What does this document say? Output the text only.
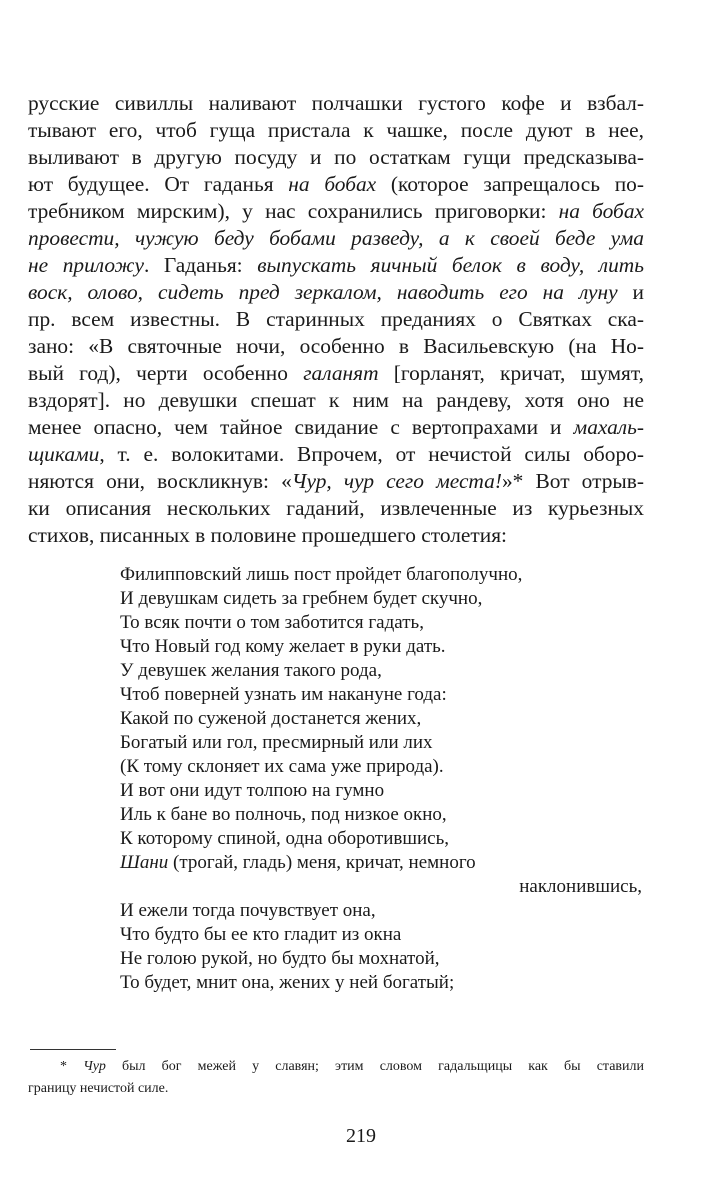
русские сивиллы наливают полчашки густого кофе и взбал-
тывают его, чтоб гуща пристала к чашке, после дуют в нее,
выливают в другую посуду и по остаткам гущи предсказыва-
ют будущее. От гаданья на бобах (которое запрещалось по-
требником мирским), у нас сохранились приговорки: на бобах
провести, чужую беду бобами разведу, а к своей беде ума
не приложу. Гаданья: выпускать яичный белок в воду, лить
воск, олово, сидеть пред зеркалом, наводить его на луну и
пр. всем известны. В старинных преданиях о Святках ска-
зано: «В святочные ночи, особенно в Васильевскую (на Но-
вый год), черти особенно галанят [горланят, кричат, шумят,
вздорят]. но девушки спешат к ним на рандеву, хотя оно не
менее опасно, чем тайное свидание с вертопрахами и махаль-
щиками, т. е. волокитами. Впрочем, от нечистой силы оборо-
няются они, воскликнув: «Чур, чур сего места!»* Вот отрыв-
ки описания нескольких гаданий, извлеченные из курьезных
стихов, писанных в половине прошедшего столетия:
Филипповский лишь пост пройдет благополучно,
И девушкам сидеть за гребнем будет скучно,
То всяк почти о том заботится гадать,
Что Новый год кому желает в руки дать.
У девушек желания такого рода,
Чтоб поверней узнать им накануне года:
Какой по суженой достанется жених,
Богатый или гол, пресмирный или лих
(К тому склоняет их сама уже природа).
И вот они идут толпою на гумно
Иль к бане во полночь, под низкое окно,
К которому спиной, одна оборотившись,
Шани (трогай, гладь) меня, кричат, немного
наклонившись,
И ежели тогда почувствует она,
Что будто бы ее кто гладит из окна
Не голою рукой, но будто бы мохнатой,
То будет, мнит она, жених у ней богатый;
* Чур был бог межей у славян; этим словом гадальщицы как бы ставили
границу нечистой силе.
219
